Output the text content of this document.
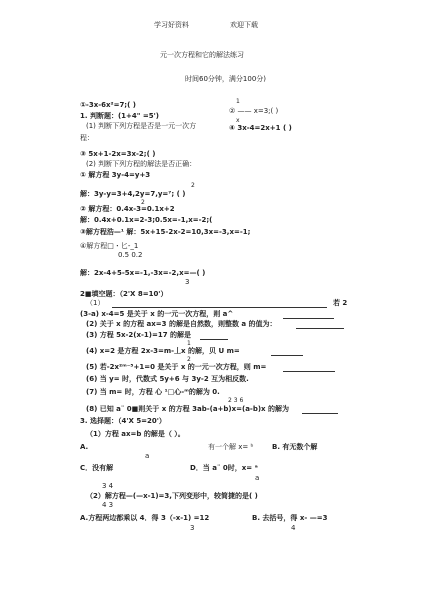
学习好资料	欢迎下载
元一次方程和它的解法练习
时间60分钟，满分100分)
①-3x-6x²=7;( )	1
② —— x=3;( )
x
1. 判断题：(1+4" =5')
④ 3x-4=2x+1 ( )
(1) 判断下列方程是否是一元一次方
程：
③ 5x+1-2x=3x-2;( )
(2) 判断下列方程的解法是否正确：
① 解方程 3y-4=y+3
2
解：3y-y=3+4,2y=7,y=⁷; ( )
2
② 解方程：0.4x-3=0.1x+2
解：0.4x+0.1x=2-3;0.5x=-1,x=-2;(
③解方程浩—¹ 解：5x+15-2x-2=10,3x=-3,x=-1;
④解方程□・匕-_1
0.5 0.2
解：2x-4+5-5x=-1,-3x=-2,x=—( )
3
2■填空题：（2'X 8=10'）
（1）	若 2
(3-a) x-4=5 是关于 x 的一元一次方程，则 a^
(2) 关于 x 的方程 ax=3 的解是自然数，则整数 a 的值为：
(3) 方程 5x-2(x-1)=17 的解是
1
(4) x=2 是方程 2x-3=m-丄x 的解，贝 U m=
2
(5) 若-2x²ᵐ⁻⁵+1=0 是关于 x 的一元一次方程，则 m=
(6) 当 y= 时，代数式 5y+6 与 3y-2 互为相反数.
(7) 当 m= 时，方程 心 ¹□心-ᵐ的解为 0.
2 3 6
(8) 已知 a¨ 0■则关于 x 的方程 3ab-(a+b)x=(a-b)x 的解为
3. 选择题：（4'X 5=20'）
（1）方程 ax=b 的解是（ ）。
A.	有一个解 x= ᵇ	B. 有无数个解
a
C．没有解	D．当 a¨ 0时，x= ᵃ
a
3 4
（2）解方程—(—x-1)=3,下列变形中，较简捷的是( )
4 3
A.方程两边都乘以 4．得 3（-x-1) =12	B. 去括号，得 x- —=3
3	4
